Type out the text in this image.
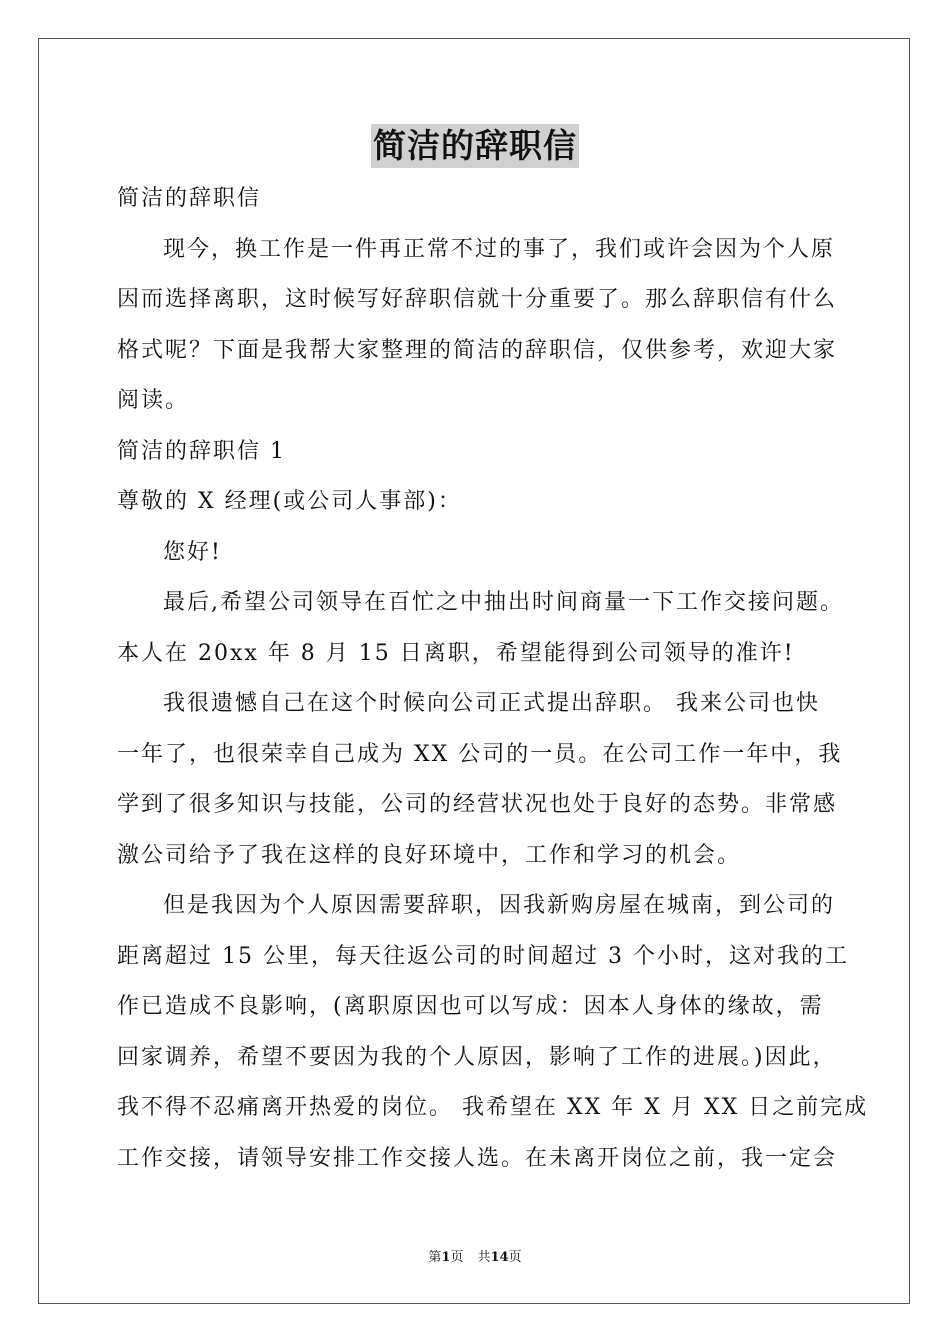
简洁的辞职信
简洁的辞职信
现今，换工作是一件再正常不过的事了，我们或许会因为个人原
因而选择离职，这时候写好辞职信就十分重要了。那么辞职信有什么
格式呢？下面是我帮大家整理的简洁的辞职信，仅供参考，欢迎大家
阅读。
简洁的辞职信 1
尊敬的 X 经理(或公司人事部)：
您好!
最后,希望公司领导在百忙之中抽出时间商量一下工作交接问题。
本人在 20xx 年 8 月 15 日离职，希望能得到公司领导的准许!
我很遗憾自己在这个时候向公司正式提出辞职。 我来公司也快
一年了，也很荣幸自己成为 XX 公司的一员。在公司工作一年中，我
学到了很多知识与技能，公司的经营状况也处于良好的态势。非常感
激公司给予了我在这样的良好环境中，工作和学习的机会。
但是我因为个人原因需要辞职，因我新购房屋在城南，到公司的
距离超过 15 公里，每天往返公司的时间超过 3 个小时，这对我的工
作已造成不良影响，(离职原因也可以写成：因本人身体的缘故，需
回家调养，希望不要因为我的个人原因，影响了工作的进展。)因此，
我不得不忍痛离开热爱的岗位。 我希望在 XX 年 X 月 XX 日之前完成
工作交接，请领导安排工作交接人选。在未离开岗位之前，我一定会
第1页 共14页
